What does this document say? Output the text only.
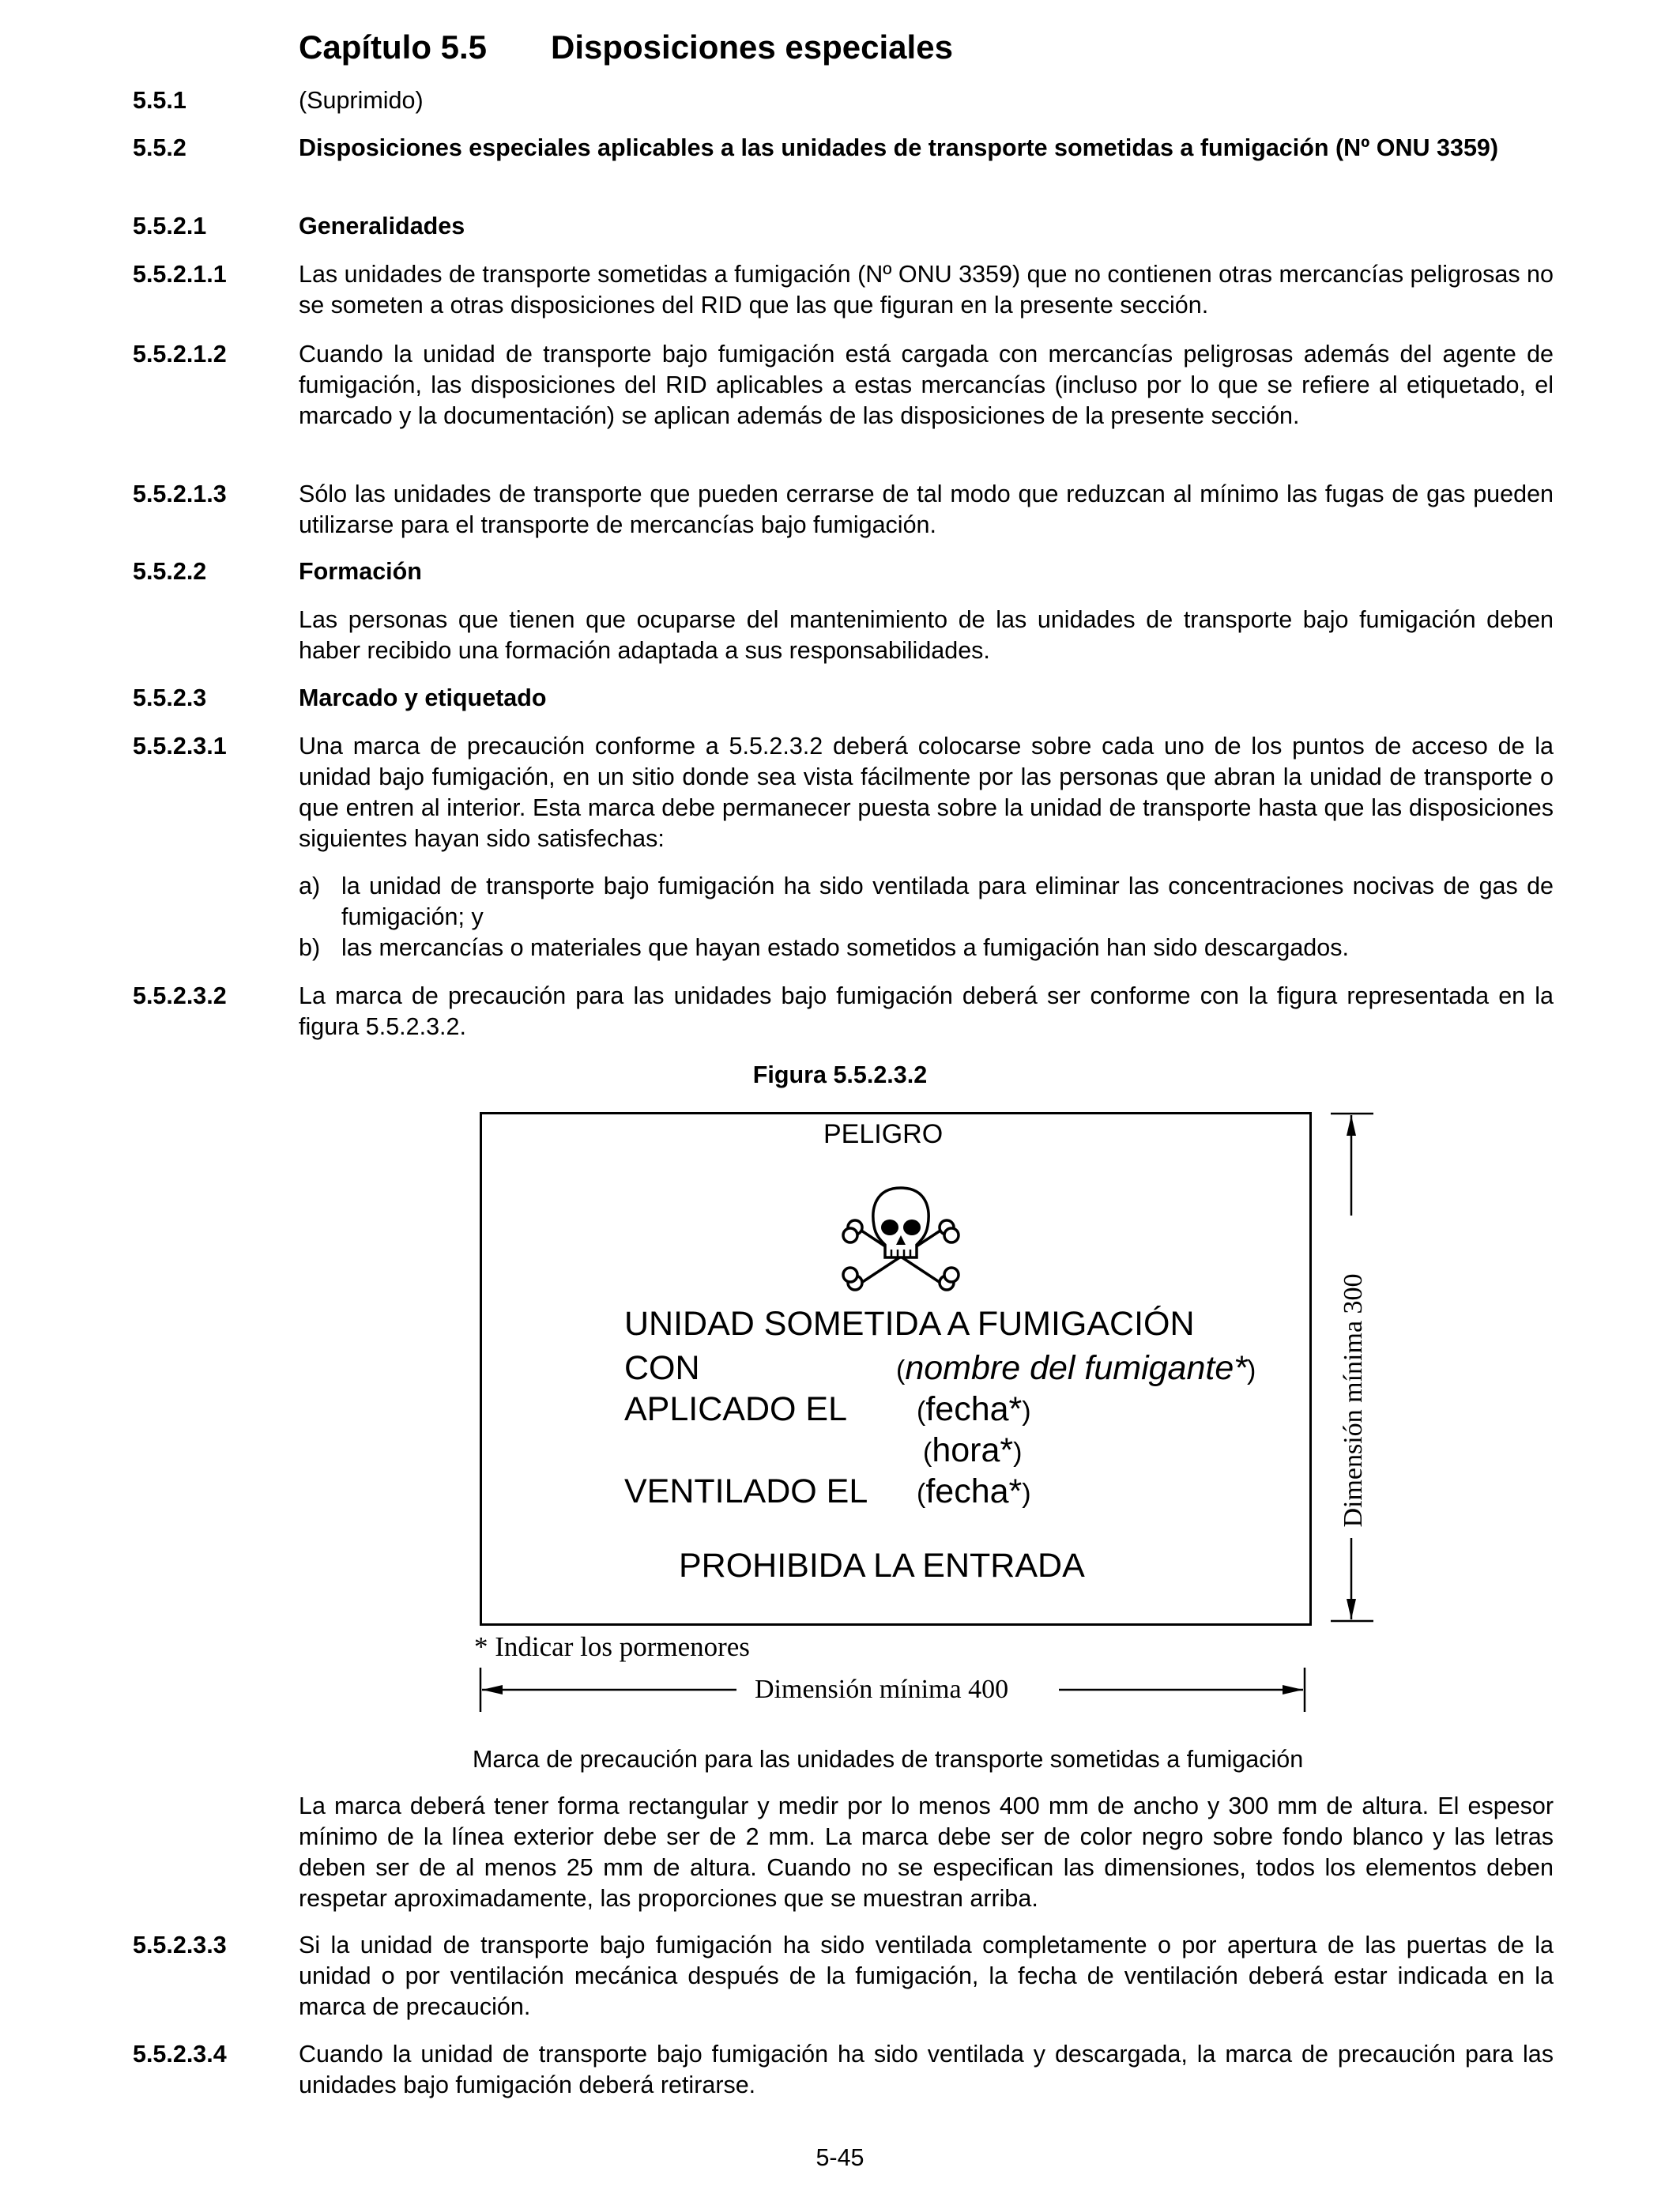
Capítulo 5.5 Disposiciones especiales
5.5.1	(Suprimido)
5.5.2	Disposiciones especiales aplicables a las unidades de transporte sometidas a fumigación (Nº ONU 3359)
5.5.2.1	Generalidades
5.5.2.1.1	Las unidades de transporte sometidas a fumigación (Nº ONU 3359) que no contienen otras mercancías peligrosas no se someten a otras disposiciones del RID que las que figuran en la presente sección.
5.5.2.1.2	Cuando la unidad de transporte bajo fumigación está cargada con mercancías peligrosas además del agente de fumigación, las disposiciones del RID aplicables a estas mercancías (incluso por lo que se refiere al etiquetado, el marcado y la documentación) se aplican además de las disposiciones de la presente sección.
5.5.2.1.3	Sólo las unidades de transporte que pueden cerrarse de tal modo que reduzcan al mínimo las fugas de gas pueden utilizarse para el transporte de mercancías bajo fumigación.
5.5.2.2	Formación
Las personas que tienen que ocuparse del mantenimiento de las unidades de transporte bajo fumigación deben haber recibido una formación adaptada a sus responsabilidades.
5.5.2.3	Marcado y etiquetado
5.5.2.3.1	Una marca de precaución conforme a 5.5.2.3.2 deberá colocarse sobre cada uno de los puntos de acceso de la unidad bajo fumigación, en un sitio donde sea vista fácilmente por las personas que abran la unidad de transporte o que entren al interior. Esta marca debe permanecer puesta sobre la unidad de transporte hasta que las disposiciones siguientes hayan sido satisfechas:
a) la unidad de transporte bajo fumigación ha sido ventilada para eliminar las concentraciones nocivas de gas de fumigación; y
b) las mercancías o materiales que hayan estado sometidos a fumigación han sido descargados.
5.5.2.3.2	La marca de precaución para las unidades bajo fumigación deberá ser conforme con la figura representada en la figura 5.5.2.3.2.
Figura 5.5.2.3.2
PELIGRO
UNIDAD SOMETIDA A FUMIGACIÓN
CON	(nombre del fumigante*)
APLICADO EL	(fecha*)
(hora*)
VENTILADO EL (fecha*)
PROHIBIDA LA ENTRADA
* Indicar los pormenores
Dimensión mínima 400
Dimensión mínima 300
Marca de precaución para las unidades de transporte sometidas a fumigación
La marca deberá tener forma rectangular y medir por lo menos 400 mm de ancho y 300 mm de altura. El espesor mínimo de la línea exterior debe ser de 2 mm. La marca debe ser de color negro sobre fondo blanco y las letras deben ser de al menos 25 mm de altura. Cuando no se especifican las dimensiones, todos los elementos deben respetar aproximadamente, las proporciones que se muestran arriba.
5.5.2.3.3	Si la unidad de transporte bajo fumigación ha sido ventilada completamente o por apertura de las puertas de la unidad o por ventilación mecánica después de la fumigación, la fecha de ventilación deberá estar indicada en la marca de precaución.
5.5.2.3.4	Cuando la unidad de transporte bajo fumigación ha sido ventilada y descargada, la marca de precaución para las unidades bajo fumigación deberá retirarse.
5-45
